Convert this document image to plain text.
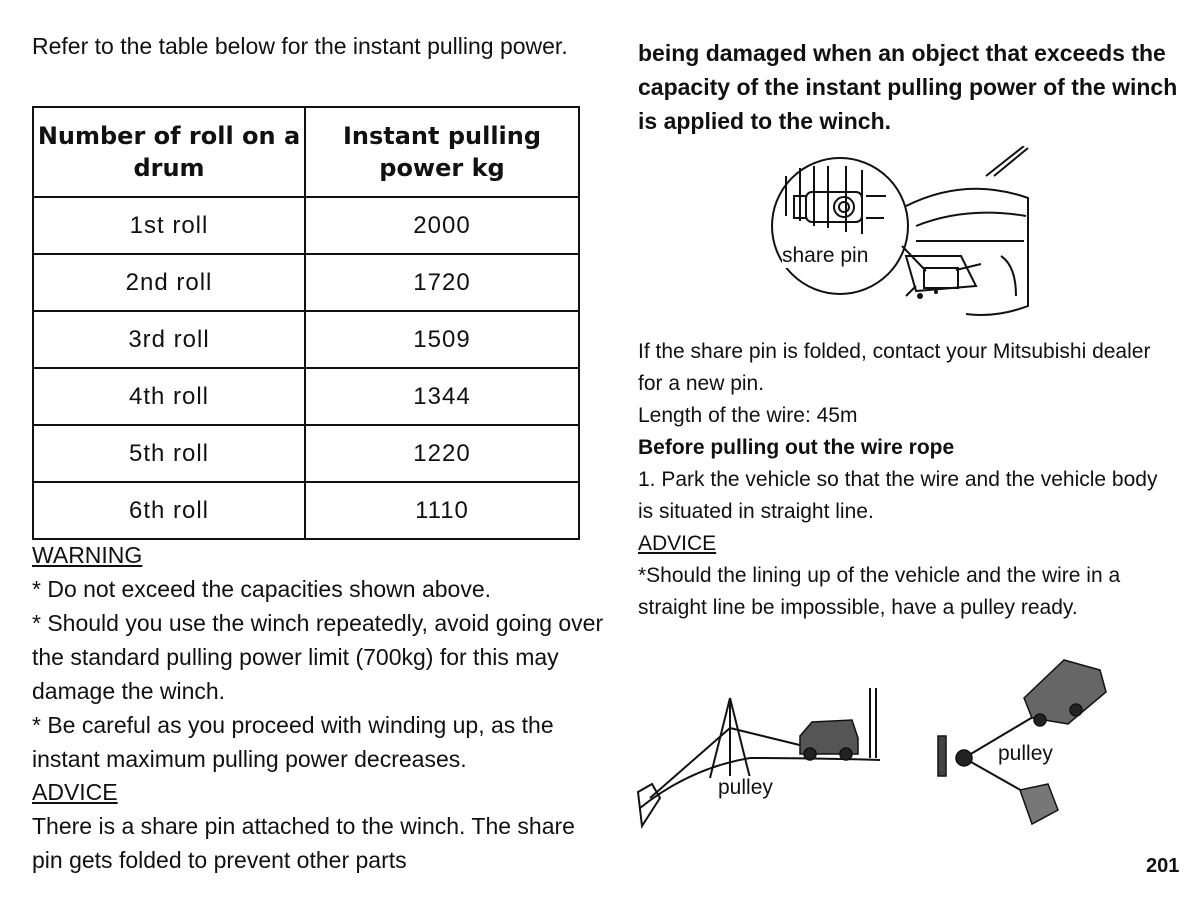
Refer to the table below for the instant pulling power.
Number of roll on a drum	Instant pulling power kg
1st roll	2000
2nd roll	1720
3rd roll	1509
4th roll	1344
5th roll	1220
6th roll	1110
WARNING
* Do not exceed the capacities shown above.
* Should you use the winch repeatedly, avoid going over the standard pulling power limit (700kg) for this may damage the winch.
* Be careful as you proceed with winding up, as the instant maximum pulling power decreases.
ADVICE
There is a share pin attached to the winch. The share pin gets folded to prevent other parts
being damaged when an object that exceeds the capacity of the instant pulling power of the winch is applied to the winch.
share pin
If the share pin is folded, contact your Mitsubishi dealer for a new pin.
Length of the wire: 45m
Before pulling out the wire rope
1. Park the vehicle so that the wire and the vehicle body is situated in straight line.
ADVICE
*Should the lining up of the vehicle and the wire in a straight line be impossible, have a pulley ready.
pulley
pulley
201
